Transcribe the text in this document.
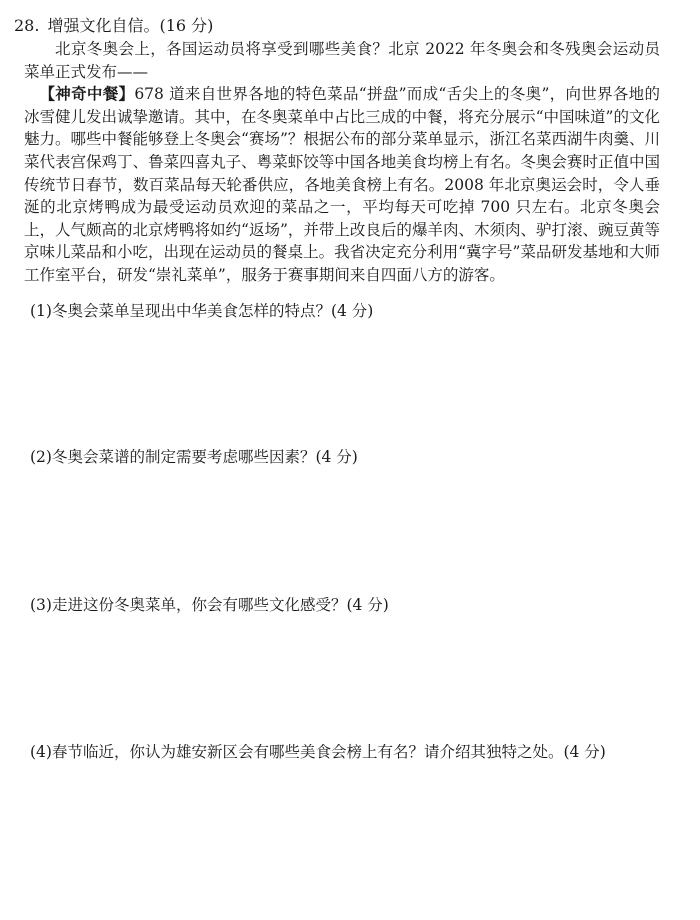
28. 增强文化自信。(16 分)

北京冬奥会上，各国运动员将享受到哪些美食？北京 2022 年冬奥会和冬残奥会运动员菜单正式发布——

【神奇中餐】678 道来自世界各地的特色菜品“拼盘”而成“舌尖上的冬奥”，向世界各地的冰雪健儿发出诚挚邀请。其中，在冬奥菜单中占比三成的中餐，将充分展示“中国味道”的文化魅力。哪些中餐能够登上冬奥会“赛场”？根据公布的部分菜单显示，浙江名菜西湖牛肉羹、川菜代表宫保鸡丁、鲁菜四喜丸子、粤菜虾饺等中国各地美食均榜上有名。冬奥会赛时正值中国传统节日春节，数百菜品每天轮番供应，各地美食榜上有名。2008 年北京奥运会时，令人垂涎的北京烤鸭成为最受运动员欢迎的菜品之一，平均每天可吃掉 700 只左右。北京冬奥会上，人气颇高的北京烤鸭将如约“返场”，并带上改良后的爆羊肉、木须肉、驴打滚、豌豆黄等京味儿菜品和小吃，出现在运动员的餐桌上。我省决定充分利用“冀字号”菜品研发基地和大师工作室平台，研发“崇礼菜单”，服务于赛事期间来自四面八方的游客。

(1)冬奥会菜单呈现出中华美食怎样的特点？(4 分)
(2)冬奥会菜谱的制定需要考虑哪些因素？(4 分)
(3)走进这份冬奥菜单，你会有哪些文化感受？(4 分)
(4)春节临近，你认为雄安新区会有哪些美食会榜上有名？请介绍其独特之处。(4 分)
